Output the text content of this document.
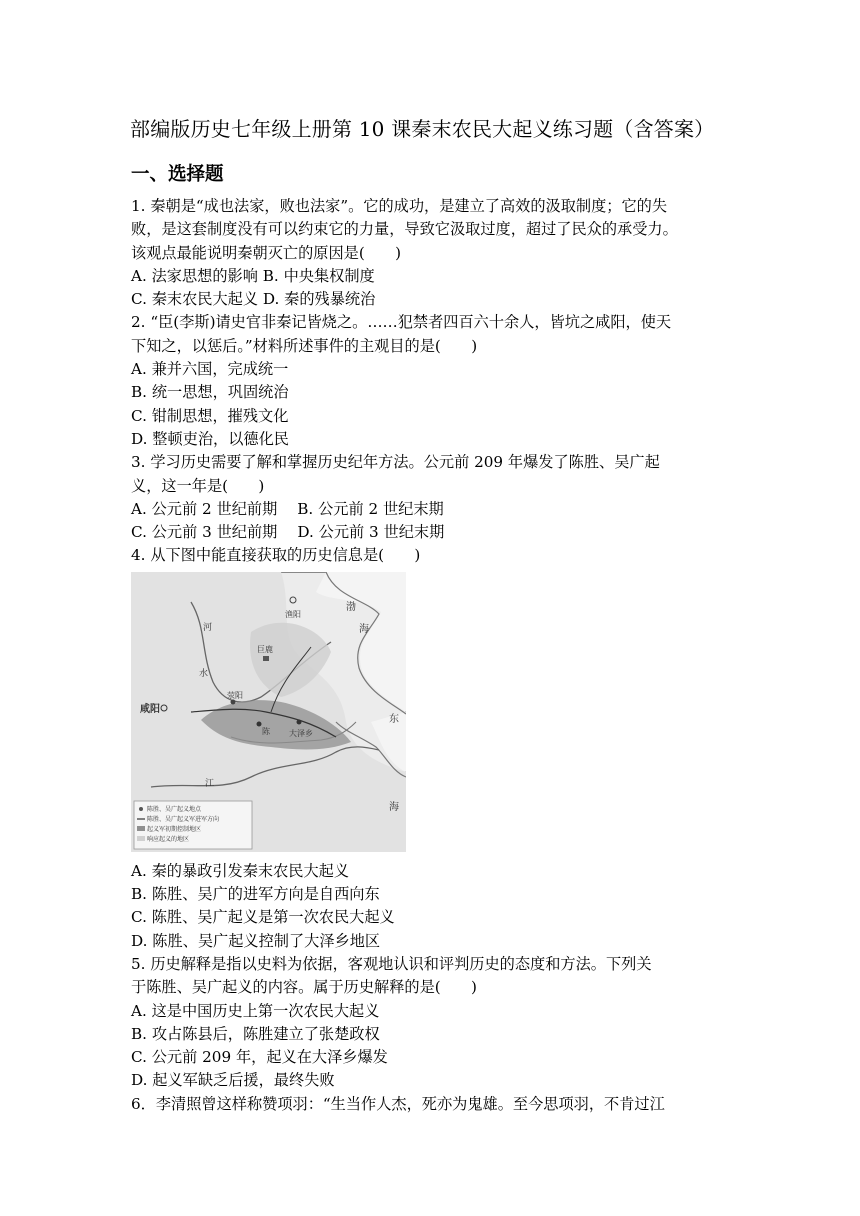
部编版历史七年级上册第 10 课秦末农民大起义练习题（含答案）
一、选择题
1. 秦朝是“成也法家，败也法家”。它的成功，是建立了高效的汲取制度；它的失
败，是这套制度没有可以约束它的力量，导致它汲取过度，超过了民众的承受力。
该观点最能说明秦朝灭亡的原因是(　　)
A. 法家思想的影响 B. 中央集权制度
C. 秦末农民大起义 D. 秦的残暴统治
2. “臣(李斯)请史官非秦记皆烧之。……犯禁者四百六十余人，皆坑之咸阳，使天
下知之，以惩后。”材料所述事件的主观目的是(　　)
A. 兼并六国，完成统一
B. 统一思想，巩固统治
C. 钳制思想，摧残文化
D. 整顿吏治，以德化民
3. 学习历史需要了解和掌握历史纪年方法。公元前 209 年爆发了陈胜、吴广起
义，这一年是(　　)
A. 公元前 2 世纪前期　 B. 公元前 2 世纪末期
C. 公元前 3 世纪前期　 D. 公元前 3 世纪末期
4. 从下图中能直接获取的历史信息是(　　)
渔阳
巨鹿
荥阳
咸阳
陈 大泽乡
河
水
渤
海
东
江
海
陈胜、吴广起义地点
陈胜、吴广起义军进军方向
起义军初期控制地区
响应起义的地区
A. 秦的暴政引发秦末农民大起义
B. 陈胜、吴广的进军方向是自西向东
C. 陈胜、吴广起义是第一次农民大起义
D. 陈胜、吴广起义控制了大泽乡地区
5. 历史解释是指以史料为依据，客观地认识和评判历史的态度和方法。下列关
于陈胜、吴广起义的内容。属于历史解释的是(　　)
A. 这是中国历史上第一次农民大起义
B. 攻占陈县后，陈胜建立了张楚政权
C. 公元前 209 年，起义在大泽乡爆发
D. 起义军缺乏后援，最终失败
6．李清照曾这样称赞项羽：“生当作人杰，死亦为鬼雄。至今思项羽，不肯过江
